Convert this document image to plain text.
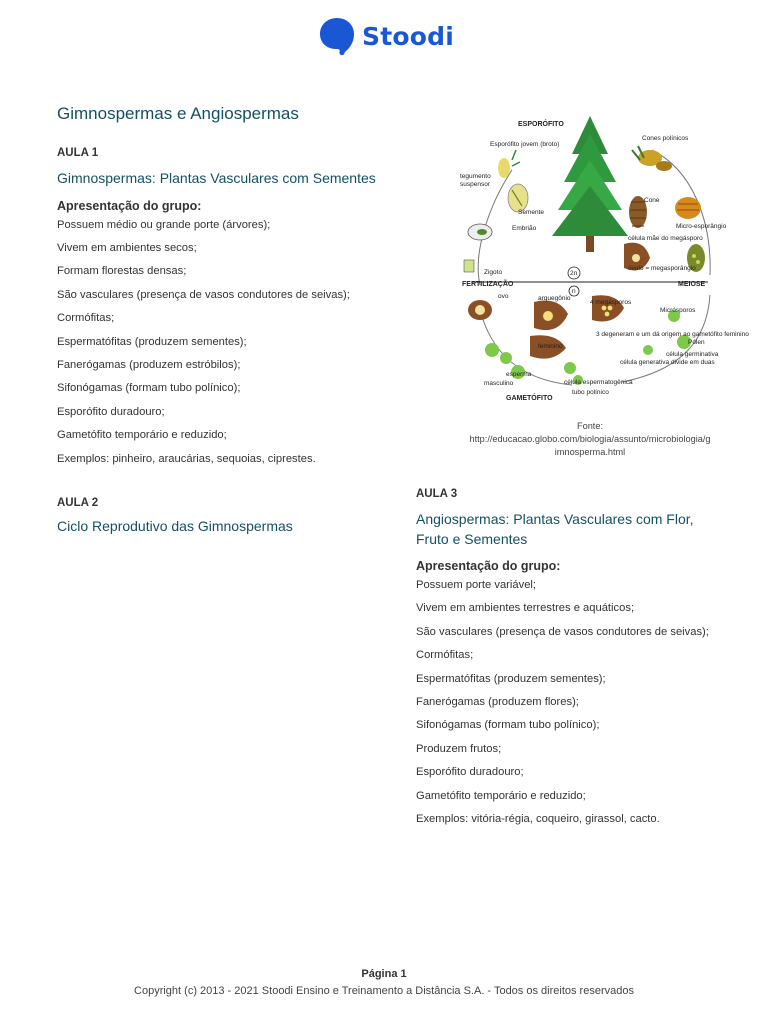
Stoodi
Gimnospermas e Angiospermas

AULA 1

Gimnospermas: Plantas Vasculares com Sementes

Apresentação do grupo:

Possuem médio ou grande porte (árvores);
Vivem em ambientes secos;
Formam florestas densas;
São vasculares (presença de vasos condutores de seivas);
Cormófitas;
Espermatófitas (produzem sementes);
Fanerógamas (produzem estróbilos);
Sifonógamas (formam tubo polínico);
Esporófito duradouro;
Gametófito temporário e reduzido;
Exemplos: pinheiro, araucárias, sequoias, ciprestes.

AULA 2

Ciclo Reprodutivo das Gimnospermas

ESPORÓFITO
Esporófito jovem (broto)
Cones polínicos
tegumento
suspensor
Semente
Cone
Embrião	Micro-esporângio
célula mãe do megásporo
óvulo = megasporângio
Zigoto	2n
n
FERTILIZAÇÃO	MEIOSE
ovo	arquegônio
4 megásporos
3 degeneram e um dá origem ao gametófito feminino
Micrósporos
feminino
Pólen
célula germinativa
esperma
célula generativa divide em duas
masculino	célula espermatogênica
tubo polínico
GAMETÓFITO
Fonte:
http://educacao.globo.com/biologia/assunto/microbiologia/g
imnosperma.html

AULA 3

Angiospermas: Plantas Vasculares com Flor, Fruto e Sementes

Apresentação do grupo:

Possuem porte variável;
Vivem em ambientes terrestres e aquáticos;
São vasculares (presença de vasos condutores de seivas);
Cormófitas;
Espermatófitas (produzem sementes);
Fanerógamas (produzem flores);
Sifonógamas (formam tubo polínico);
Produzem frutos;
Esporófito duradouro;
Gametófito temporário e reduzido;
Exemplos: vitória-régia, coqueiro, girassol, cacto.
Página 1
Copyright (c) 2013 - 2021 Stoodi Ensino e Treinamento a Distância S.A. - Todos os direitos reservados
